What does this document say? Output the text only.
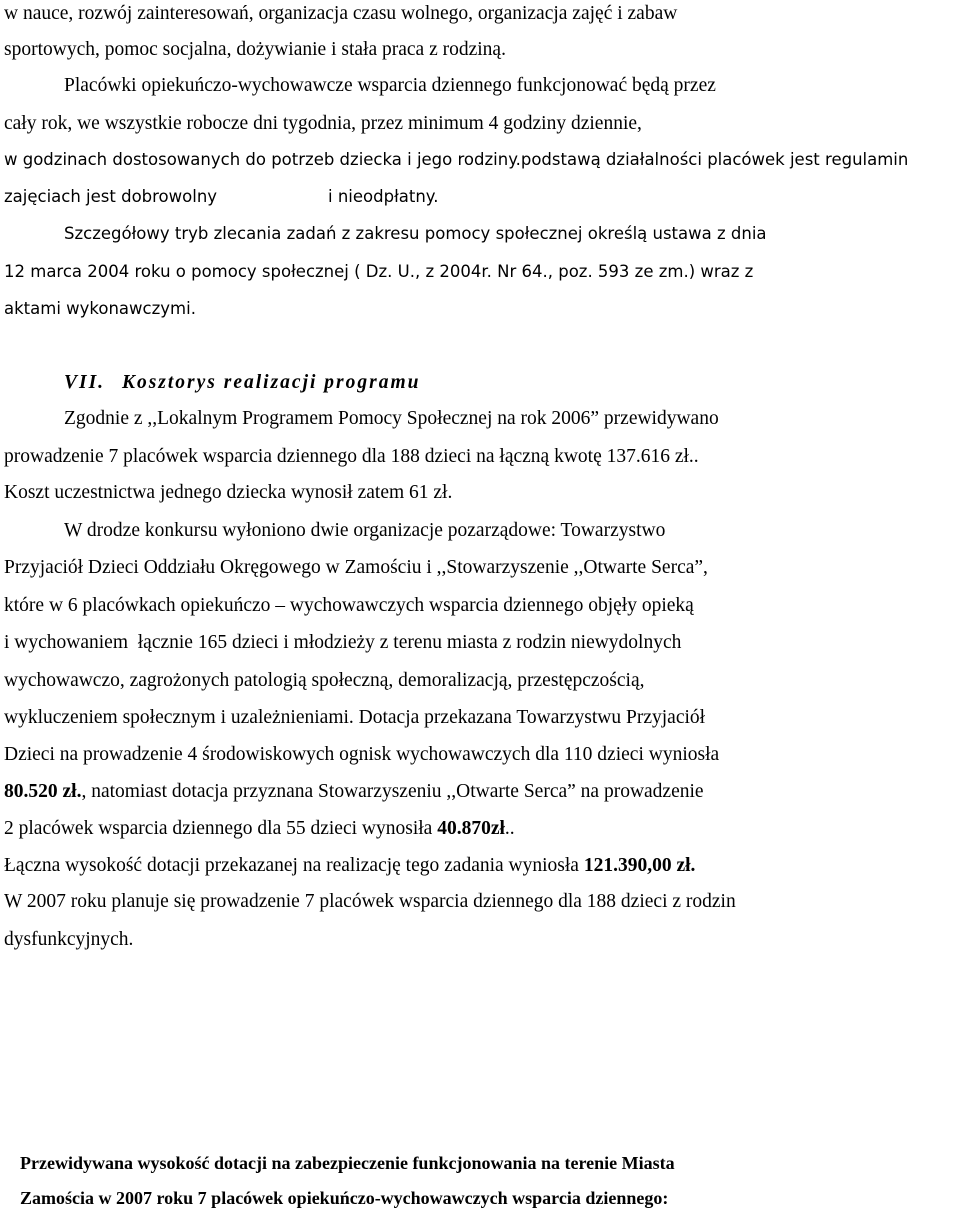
w nauce, rozwój zainteresowań, organizacja czasu wolnego, organizacja zajęć i zabaw
sportowych, pomoc socjalna, dożywianie i stała praca z rodziną.
Placówki opiekuńczo-wychowawcze wsparcia dziennego funkcjonować będą przez
cały rok, we wszystkie robocze dni tygodnia, przez minimum 4 godziny dziennie,
w godzinach dostosowanych do potrzeb dziecka i jego rodziny.podstawą działalności placówek jest regulamin
zajęciach jest dobrowolny	i nieodpłatny.
Szczegółowy tryb zlecania zadań z zakresu pomocy społecznej określą ustawa z dnia
12 marca 2004 roku o pomocy społecznej ( Dz. U., z 2004r. Nr 64., poz. 593 ze zm.) wraz z
aktami wykonawczymi.
VII. Kosztorys realizacji programu
Zgodnie z ,,Lokalnym Programem Pomocy Społecznej na rok 2006” przewidywano
prowadzenie 7 placówek wsparcia dziennego dla 188 dzieci na łączną kwotę 137.616 zł..
Koszt uczestnictwa jednego dziecka wynosił zatem 61 zł.
W drodze konkursu wyłoniono dwie organizacje pozarządowe: Towarzystwo
Przyjaciół Dzieci Oddziału Okręgowego w Zamościu i ,,Stowarzyszenie ,,Otwarte Serca”,
które w 6 placówkach opiekuńczo – wychowawczych wsparcia dziennego objęły opieką
i wychowaniem  łącznie 165 dzieci i młodzieży z terenu miasta z rodzin niewydolnych
wychowawczo, zagrożonych patologią społeczną, demoralizacją, przestępczością,
wykluczeniem społecznym i uzależnieniami. Dotacja przekazana Towarzystwu Przyjaciół
Dzieci na prowadzenie 4 środowiskowych ognisk wychowawczych dla 110 dzieci wyniosła
80.520 zł., natomiast dotacja przyznana Stowarzyszeniu ,,Otwarte Serca” na prowadzenie
2 placówek wsparcia dziennego dla 55 dzieci wynosiła 40.870zł..
Łączna wysokość dotacji przekazanej na realizację tego zadania wyniosła 121.390,00 zł.
W 2007 roku planuje się prowadzenie 7 placówek wsparcia dziennego dla 188 dzieci z rodzin
dysfunkcyjnych.
Przewidywana wysokość dotacji na zabezpieczenie funkcjonowania na terenie Miasta
Zamościa w 2007 roku 7 placówek opiekuńczo-wychowawczych wsparcia dziennego:
